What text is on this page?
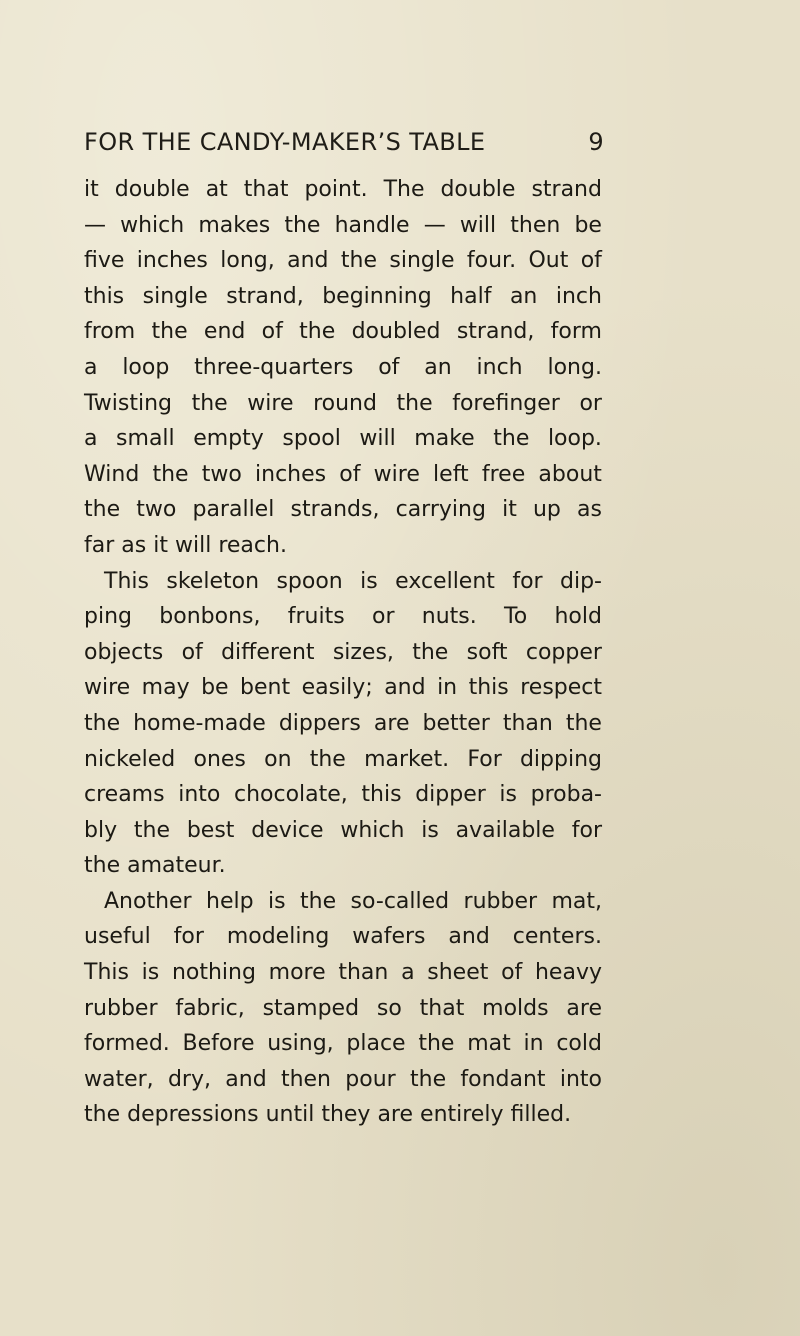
FOR THE CANDY-MAKER’S TABLE	9
it double at that point. The double strand
— which makes the handle — will then be
five inches long, and the single four. Out of
this single strand, beginning half an inch
from the end of the doubled strand, form
a loop three-quarters of an inch long.
Twisting the wire round the forefinger or
a small empty spool will make the loop.
Wind the two inches of wire left free about
the two parallel strands, carrying it up as
far as it will reach.
This skeleton spoon is excellent for dip-
ping bonbons, fruits or nuts. To hold
objects of different sizes, the soft copper
wire may be bent easily; and in this respect
the home-made dippers are better than the
nickeled ones on the market. For dipping
creams into chocolate, this dipper is proba-
bly the best device which is available for
the amateur.
Another help is the so-called rubber mat,
useful for modeling wafers and centers.
This is nothing more than a sheet of heavy
rubber fabric, stamped so that molds are
formed. Before using, place the mat in cold
water, dry, and then pour the fondant into
the depressions until they are entirely filled.
